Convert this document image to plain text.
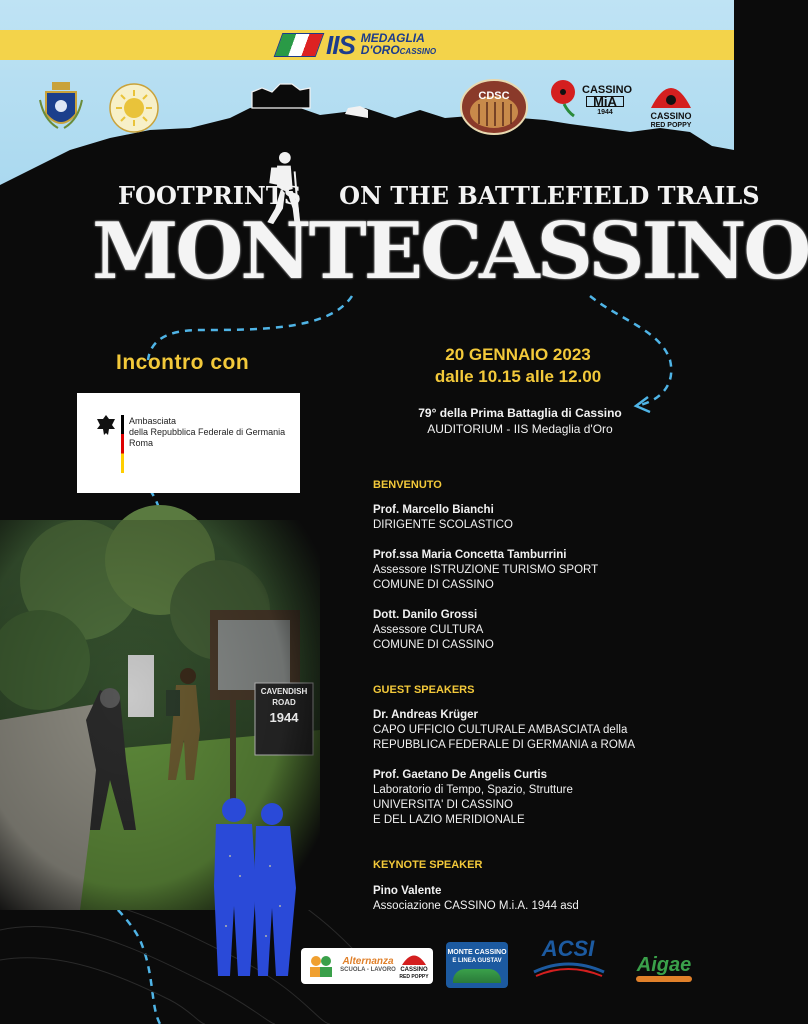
IIS MEDAGLIA
D'OROCASSINO
CDSC	CASSINO
MiA
1944	CASSINO
RED POPPY
FOOTPRINTS ON THE BATTLEFIELD TRAILS
MONTECASSINO
Incontro con
Ambasciata
della Repubblica Federale di Germania
Roma
20 GENNAIO 2023
dalle 10.15 alle 12.00
79° della Prima Battaglia di Cassino
AUDITORIUM - IIS Medaglia d'Oro
CAVENDISH
ROAD
1944
BENVENUTO
Prof. Marcello Bianchi
DIRIGENTE SCOLASTICO
Prof.ssa Maria Concetta Tamburrini
Assessore ISTRUZIONE TURISMO SPORT
COMUNE DI CASSINO
Dott. Danilo Grossi
Assessore CULTURA
COMUNE DI CASSINO
GUEST SPEAKERS
Dr. Andreas Krüger
CAPO UFFICIO CULTURALE AMBASCIATA della
REPUBBLICA FEDERALE DI GERMANIA a ROMA
Prof. Gaetano De Angelis Curtis
Laboratorio di Tempo, Spazio, Strutture
UNIVERSITA' DI CASSINO
E DEL LAZIO MERIDIONALE
KEYNOTE SPEAKER
Pino Valente
Associazione CASSINO M.i.A. 1944 asd
Alternanza
SCUOLA - LAVORO CASSINO
RED POPPY
MONTE CASSINO
E LINEA GUSTAV	ACSI
Aigae
